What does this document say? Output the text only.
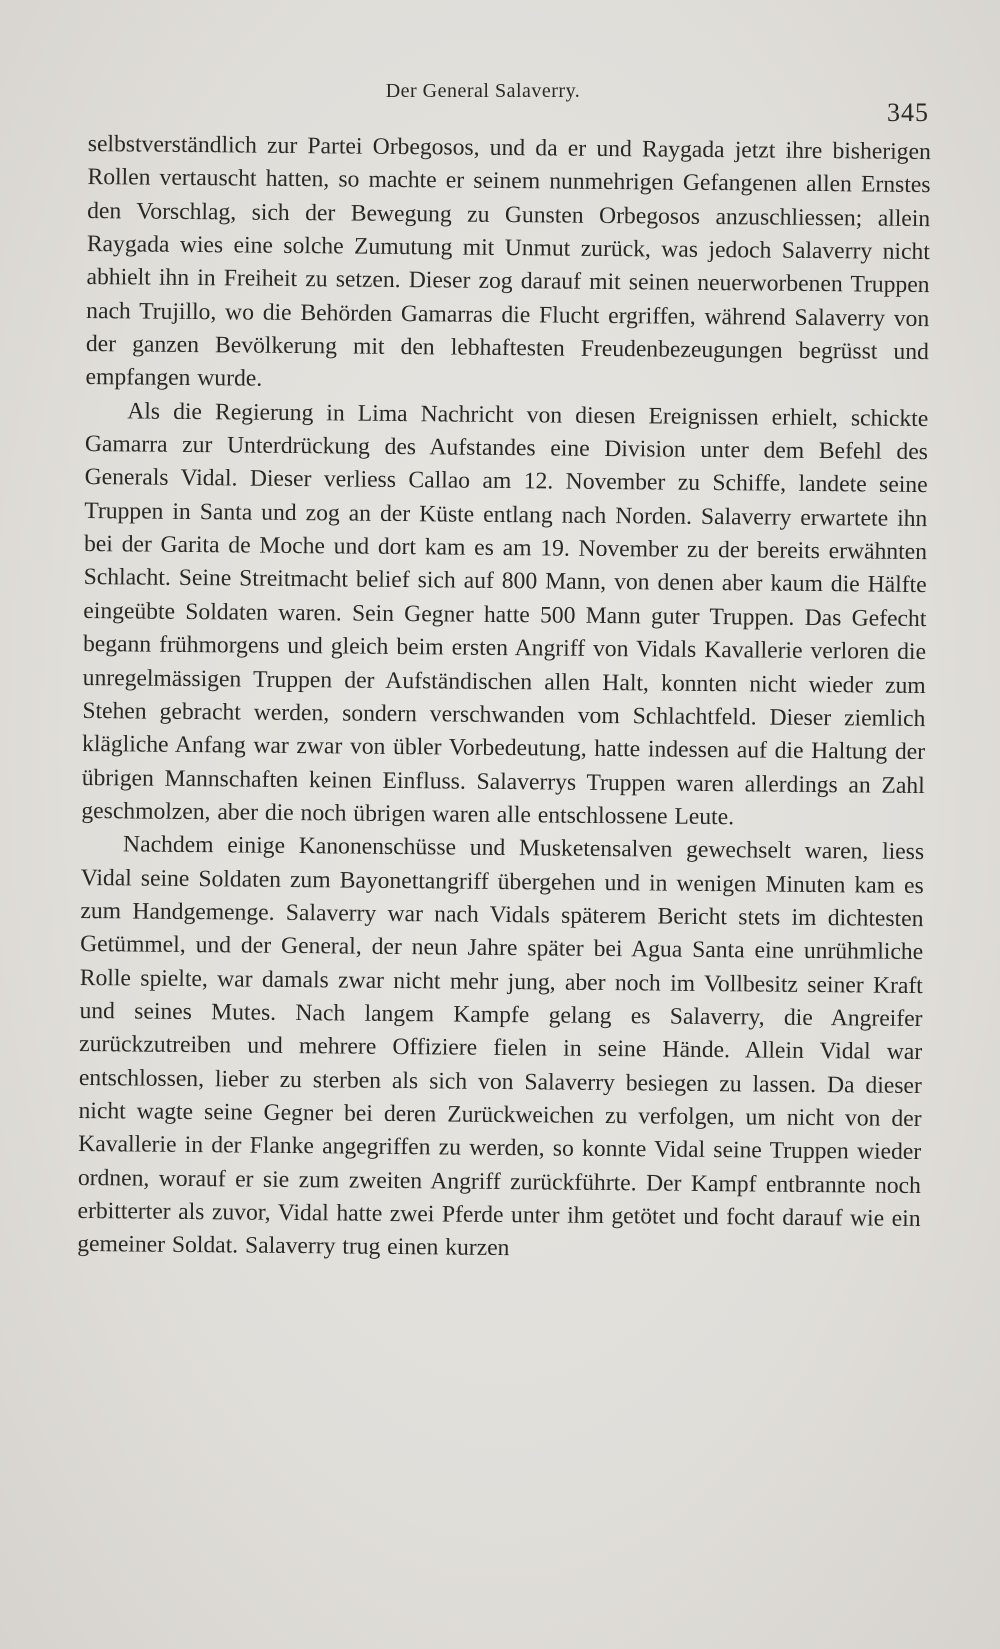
Der General Salaverry.
345

selbstverständlich zur Partei Orbegosos, und da er und Raygada jetzt ihre bisherigen Rollen vertauscht hatten, so machte er seinem nunmehrigen Gefangenen allen Ernstes den Vorschlag, sich der Bewegung zu Gunsten Orbegosos anzuschliessen; allein Raygada wies eine solche Zumutung mit Unmut zurück, was jedoch Salaverry nicht abhielt ihn in Freiheit zu setzen. Dieser zog darauf mit seinen neuerworbenen Truppen nach Trujillo, wo die Behörden Gamarras die Flucht ergriffen, während Salaverry von der ganzen Bevölkerung mit den lebhaftesten Freudenbezeugungen begrüsst und empfangen wurde.

Als die Regierung in Lima Nachricht von diesen Ereignissen erhielt, schickte Gamarra zur Unterdrückung des Aufstandes eine Division unter dem Befehl des Generals Vidal. Dieser verliess Callao am 12. November zu Schiffe, landete seine Truppen in Santa und zog an der Küste entlang nach Norden. Salaverry erwartete ihn bei der Garita de Moche und dort kam es am 19. November zu der bereits erwähnten Schlacht. Seine Streitmacht belief sich auf 800 Mann, von denen aber kaum die Hälfte eingeübte Soldaten waren. Sein Gegner hatte 500 Mann guter Truppen. Das Gefecht begann frühmorgens und gleich beim ersten Angriff von Vidals Kavallerie verloren die unregelmässigen Truppen der Aufständischen allen Halt, konnten nicht wieder zum Stehen gebracht werden, sondern verschwanden vom Schlachtfeld. Dieser ziemlich klägliche Anfang war zwar von übler Vorbedeutung, hatte indessen auf die Haltung der übrigen Mannschaften keinen Einfluss. Salaverrys Truppen waren allerdings an Zahl geschmolzen, aber die noch übrigen waren alle entschlossene Leute.

Nachdem einige Kanonenschüsse und Musketensalven gewechselt waren, liess Vidal seine Soldaten zum Bayonettangriff übergehen und in wenigen Minuten kam es zum Handgemenge. Salaverry war nach Vidals späterem Bericht stets im dichtesten Getümmel, und der General, der neun Jahre später bei Agua Santa eine unrühmliche Rolle spielte, war damals zwar nicht mehr jung, aber noch im Vollbesitz seiner Kraft und seines Mutes. Nach langem Kampfe gelang es Salaverry, die Angreifer zurückzutreiben und mehrere Offiziere fielen in seine Hände. Allein Vidal war entschlossen, lieber zu sterben als sich von Salaverry besiegen zu lassen. Da dieser nicht wagte seine Gegner bei deren Zurückweichen zu verfolgen, um nicht von der Kavallerie in der Flanke angegriffen zu werden, so konnte Vidal seine Truppen wieder ordnen, worauf er sie zum zweiten Angriff zurückführte. Der Kampf entbrannte noch erbitterter als zuvor, Vidal hatte zwei Pferde unter ihm getötet und focht darauf wie ein gemeiner Soldat. Salaverry trug einen kurzen
